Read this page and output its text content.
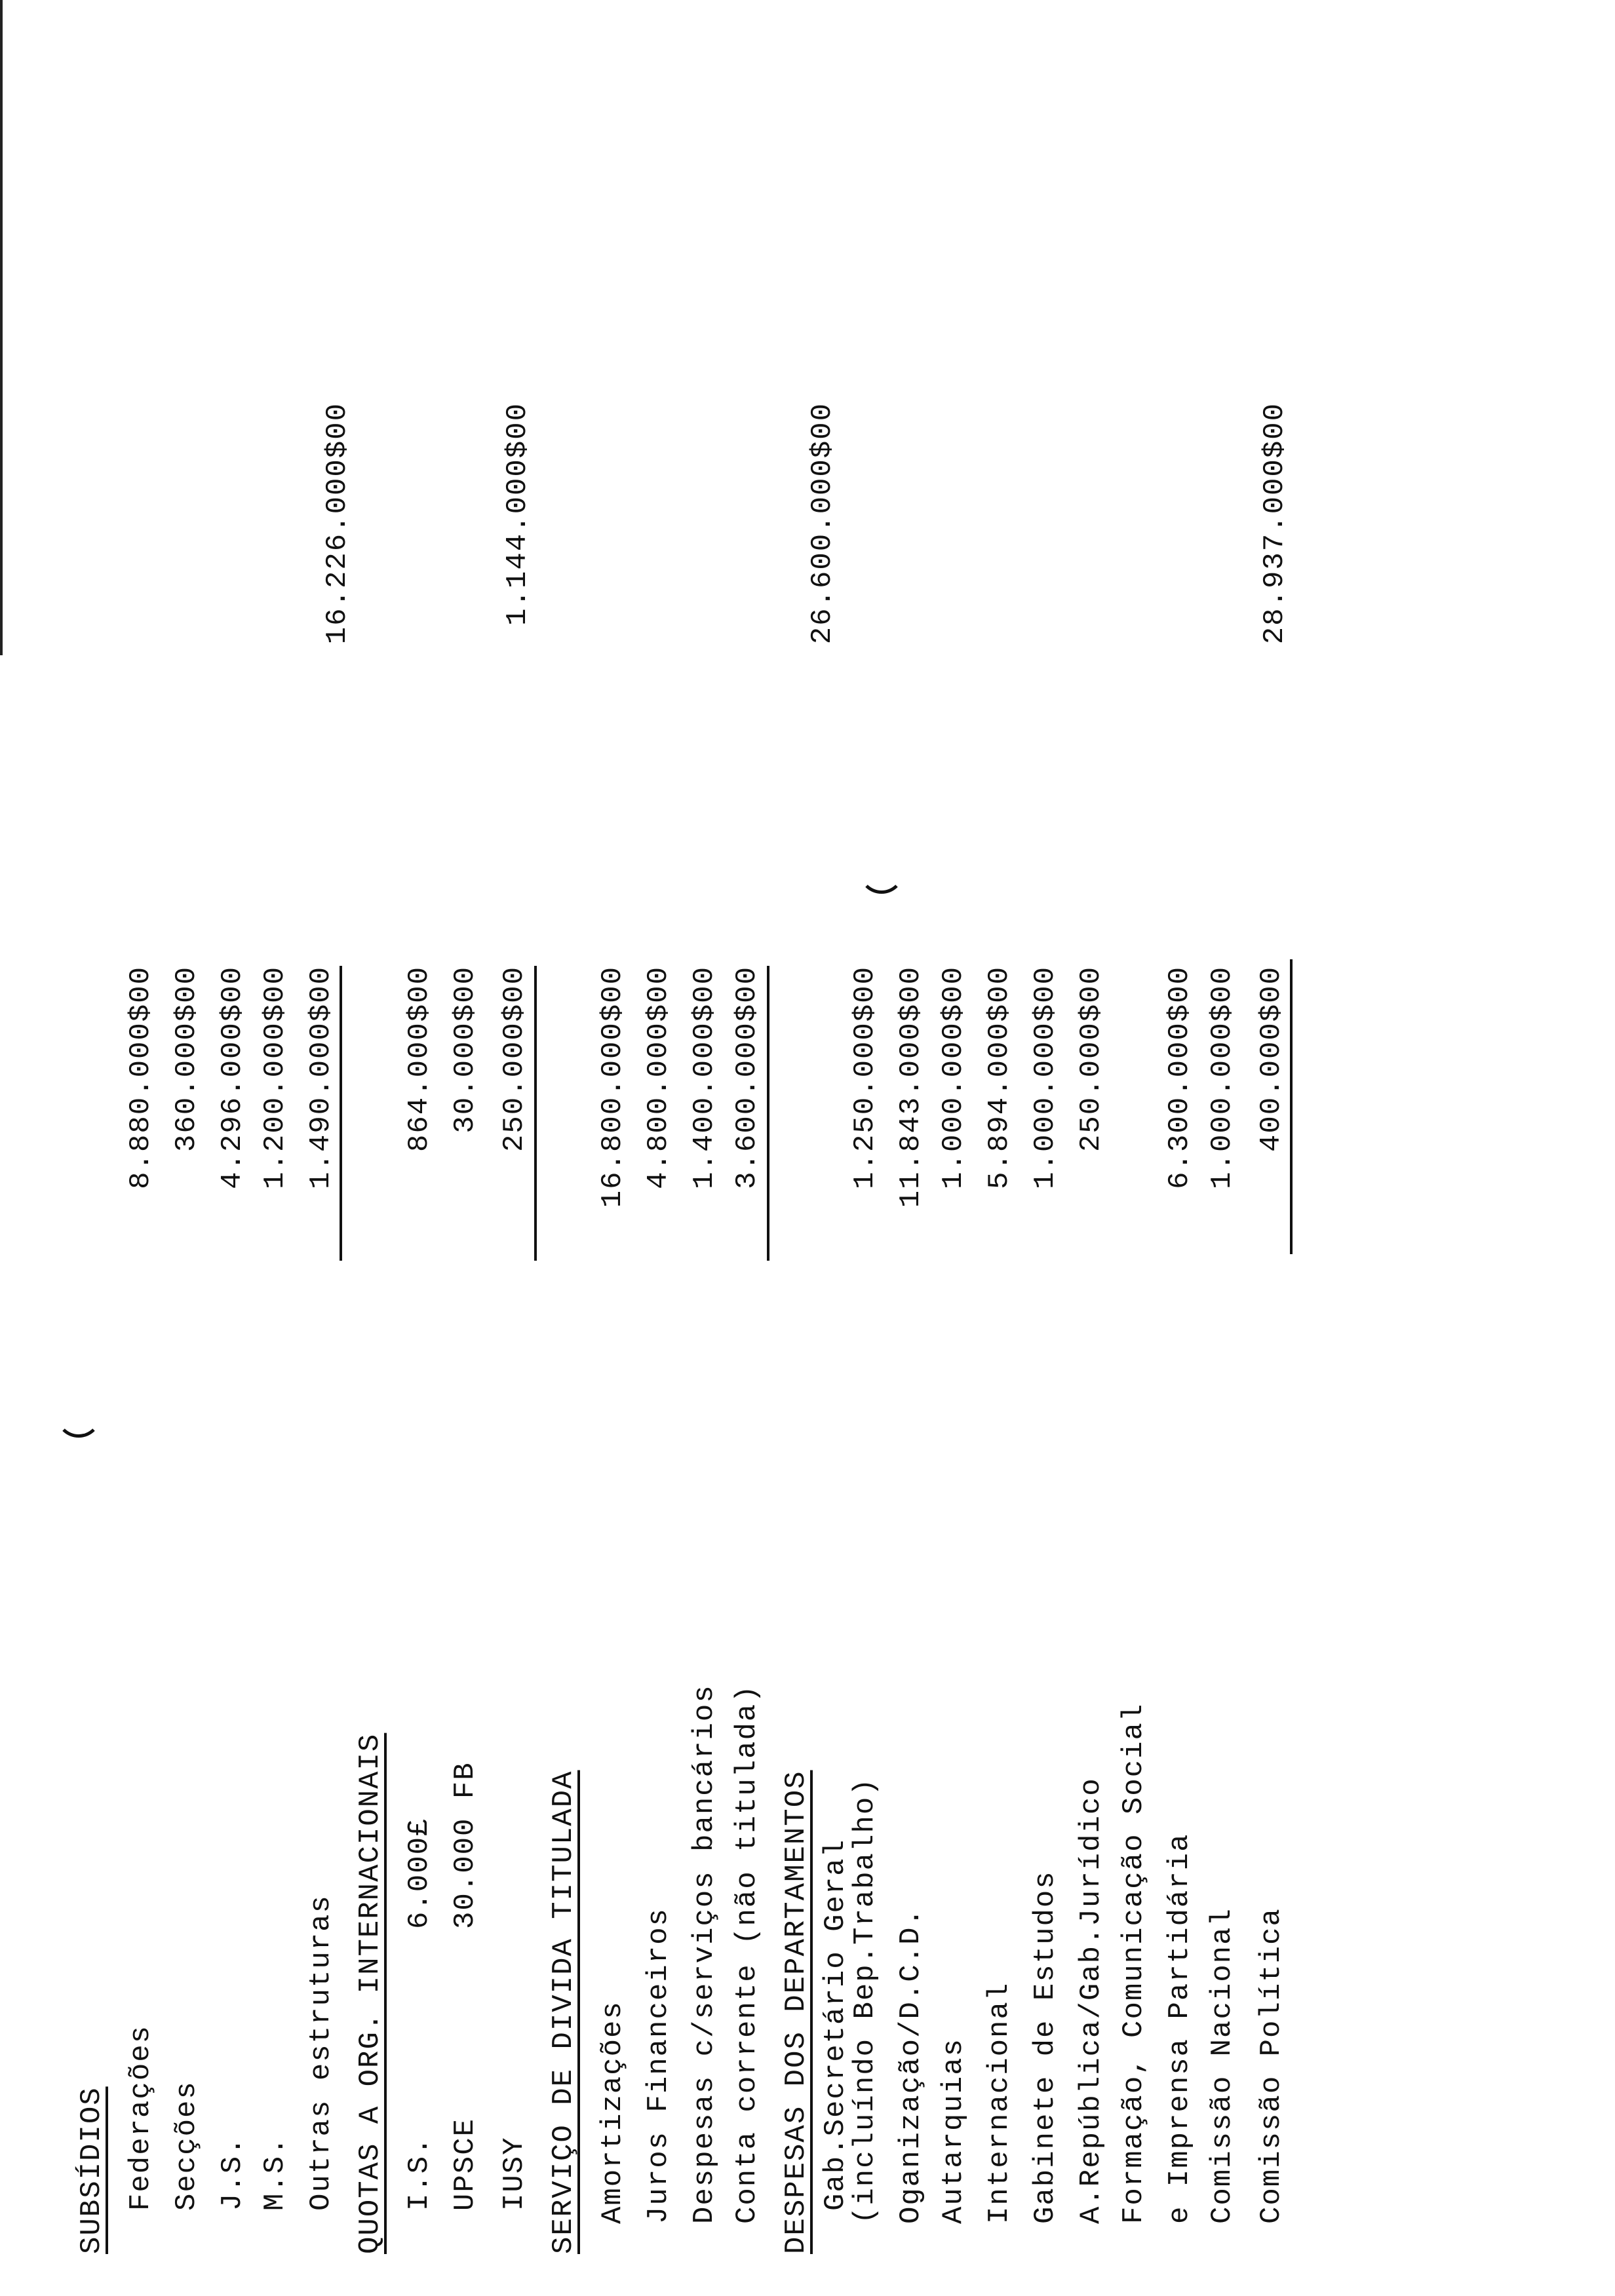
SUBSÍDIOS Federações
8.880.000$00
Secções
360.000$00
J.S.
4.296.000$00
M.S.
1.200.000$00
Outras estruturas
1.490.000$00
16.226.000$00
QUOTAS A ORG. INTERNACIONAIS I.S.
6.000£
864.000$00
UPSCE
30.000 FB
30.000$00
IUSY
250.000$00
1.144.000$00
SERVIÇO DE DIVIDA TITULADA Amortizações
16.800.000$00
Juros Financeiros
4.800.000$00
Despesas c/serviços bancários
1.400.000$00
Conta corrente (não titulada)
3.600.000$00
26.600.000$00
DESPESAS DOS DEPARTAMENTOS Gab.Secretário Geral
(incluíndo Bep.Trabalho)
1.250.000$00
Oganização/D.C.D.
11.843.000$00
Autarquias
1.000.000$00
Internacional
5.894.000$00
Gabinete de Estudos
1.000.000$00
A.República/Gab.Jurídico
250.000$00
Formação, Comunicação Social e Imprensa Partidária
6.300.000$00
Comissão Nacional
1.000.000$00
Comissão Política
400.000$00
28.937.000$00
